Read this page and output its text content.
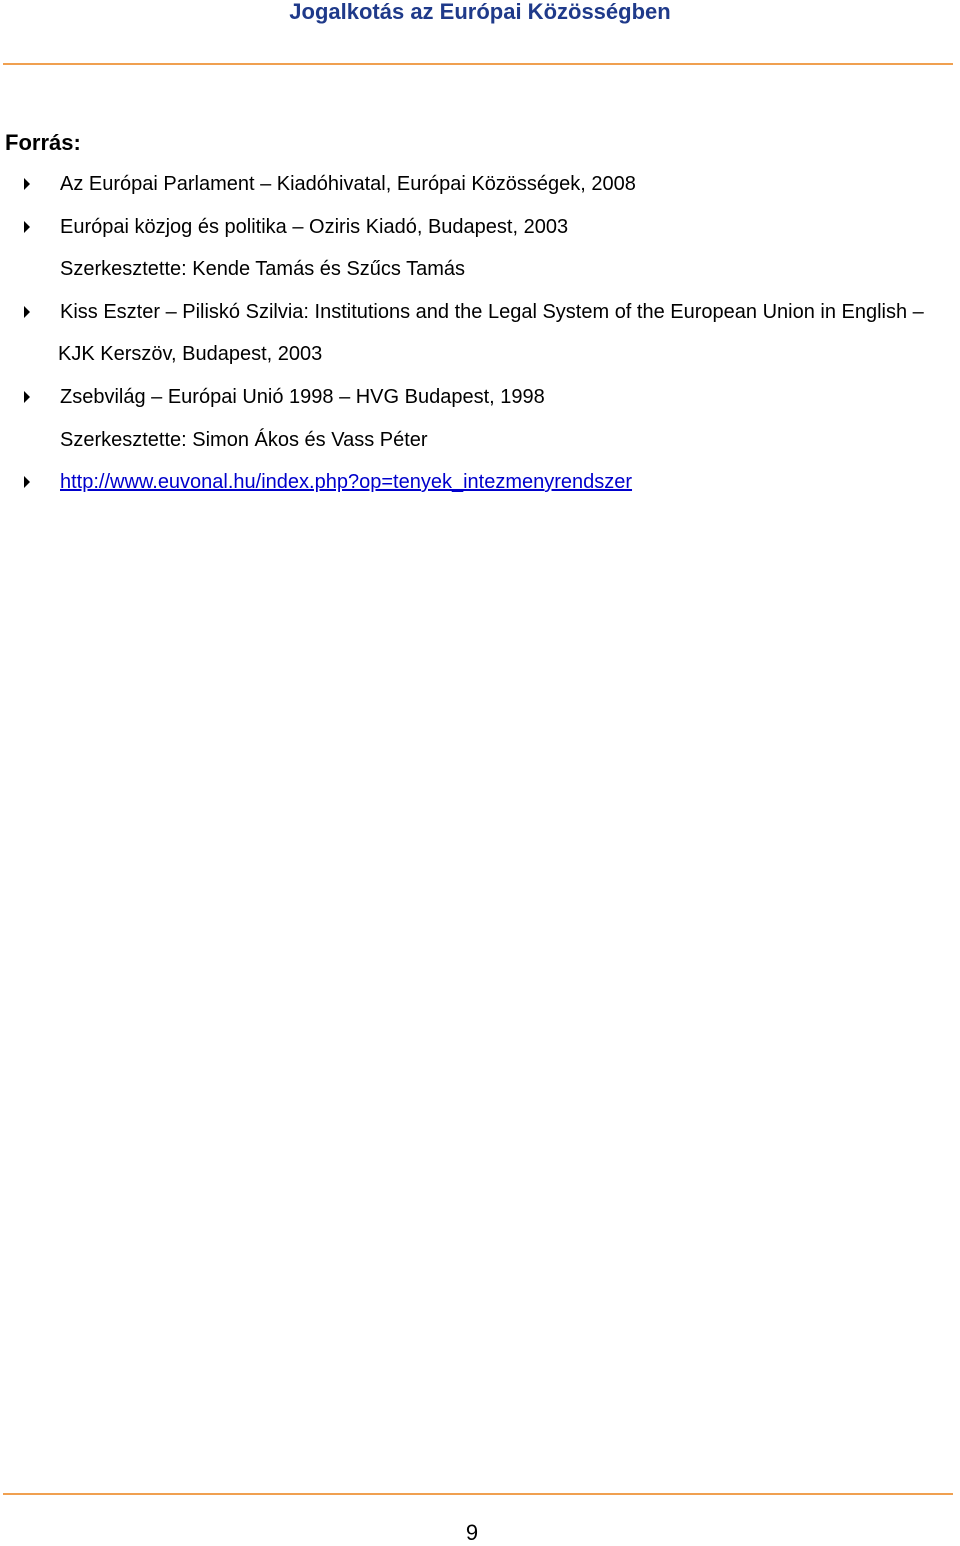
Jogalkotás az Európai Közösségben
Forrás:
Az Európai Parlament – Kiadóhivatal, Európai Közösségek, 2008
Európai közjog és politika – Oziris Kiadó, Budapest, 2003
Szerkesztette: Kende Tamás és Szűcs Tamás
Kiss Eszter – Piliskó Szilvia: Institutions and the Legal System of the European Union in English –
KJK Kerszöv, Budapest, 2003
Zsebvilág – Európai Unió 1998 – HVG Budapest, 1998
Szerkesztette: Simon Ákos és Vass Péter
http://www.euvonal.hu/index.php?op=tenyek_intezmenyrendszer
9
